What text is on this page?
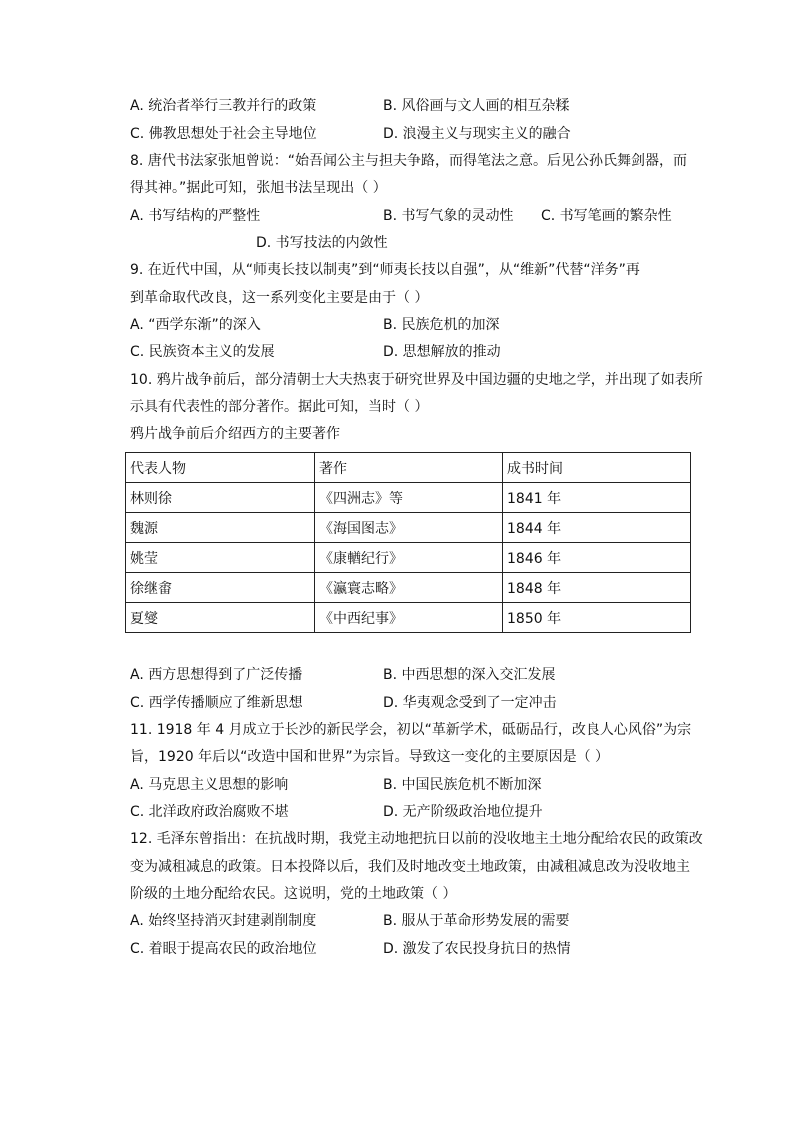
A. 统治者举行三教并行的政策	B. 风俗画与文人画的相互杂糅
C. 佛教思想处于社会主导地位	D. 浪漫主义与现实主义的融合
8. 唐代书法家张旭曾说：“始吾闻公主与担夫争路，而得笔法之意。后见公孙氏舞剑器，而
得其神。”据此可知，张旭书法呈现出（ ）
A. 书写结构的严整性	B. 书写气象的灵动性 C. 书写笔画的繁杂性
D. 书写技法的内敛性
9. 在近代中国，从“师夷长技以制夷”到“师夷长技以自强”，从“维新”代替“洋务”再
到革命取代改良，这一系列变化主要是由于（ ）
A. “西学东渐”的深入	B. 民族危机的加深
C. 民族资本主义的发展	D. 思想解放的推动
10. 鸦片战争前后，部分清朝士大夫热衷于研究世界及中国边疆的史地之学，并出现了如表所
示具有代表性的部分著作。据此可知，当时（ ）
鸦片战争前后介绍西方的主要著作
代表人物	著作	成书时间
林则徐	《四洲志》等	1841 年
魏源	《海国图志》	1844 年
姚莹	《康輶纪行》	1846 年
徐继畬	《瀛寰志略》	1848 年
夏燮	《中西纪事》	1850 年
A. 西方思想得到了广泛传播	B. 中西思想的深入交汇发展
C. 西学传播顺应了维新思想	D. 华夷观念受到了一定冲击
11. 1918 年 4 月成立于长沙的新民学会，初以“革新学术，砥砺品行，改良人心风俗”为宗
旨，1920 年后以“改造中国和世界”为宗旨。导致这一变化的主要原因是（ ）
A. 马克思主义思想的影响	B. 中国民族危机不断加深
C. 北洋政府政治腐败不堪	D. 无产阶级政治地位提升
12. 毛泽东曾指出：在抗战时期，我党主动地把抗日以前的没收地主土地分配给农民的政策改
变为减租减息的政策。日本投降以后，我们及时地改变土地政策，由减租减息改为没收地主
阶级的土地分配给农民。这说明，党的土地政策（ ）
A. 始终坚持消灭封建剥削制度	B. 服从于革命形势发展的需要
C. 着眼于提高农民的政治地位	D. 激发了农民投身抗日的热情
